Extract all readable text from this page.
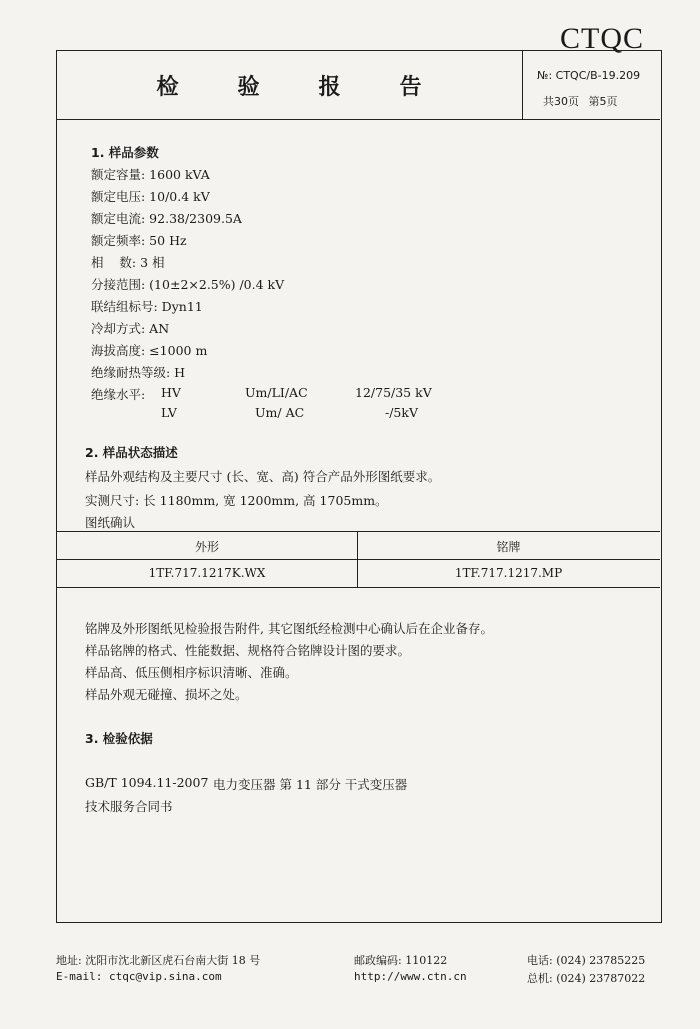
CTQC
检	验	报	告	№: CTQC/B-19.209
共30页 第5页
1. 样品参数
额定容量: 1600 kVA
额定电压: 10/0.4 kV
额定电流: 92.38/2309.5A
额定频率: 50 Hz
相    数: 3 相
分接范围: (10±2×2.5%) /0.4 kV
联结组标号: Dyn11
冷却方式: AN
海拔高度: ≤1000 m
绝缘耐热等级: H
绝缘水平: HV	Um/LI/AC	12/75/35 kV
LV	Um/ AC	-/5kV
2. 样品状态描述
样品外观结构及主要尺寸 (长、宽、高) 符合产品外形图纸要求。
实测尺寸: 长 1180mm, 宽 1200mm, 高 1705mm。
图纸确认
外形	铭牌
1TF.717.1217K.WX	1TF.717.1217.MP
铭牌及外形图纸见检验报告附件, 其它图纸经检测中心确认后在企业备存。
样品铭牌的格式、性能数据、规格符合铭牌设计图的要求。
样品高、低压侧相序标识清晰、准确。
样品外观无碰撞、损坏之处。
3. 检验依据
GB/T 1094.11-2007 电力变压器 第 11 部分 干式变压器
技术服务合同书
地址: 沈阳市沈北新区虎石台南大街 18 号
E-mail: ctqc@vip.sina.com
邮政编码: 110122
http://www.ctn.cn
电话: (024) 23785225
总机: (024) 23787022
